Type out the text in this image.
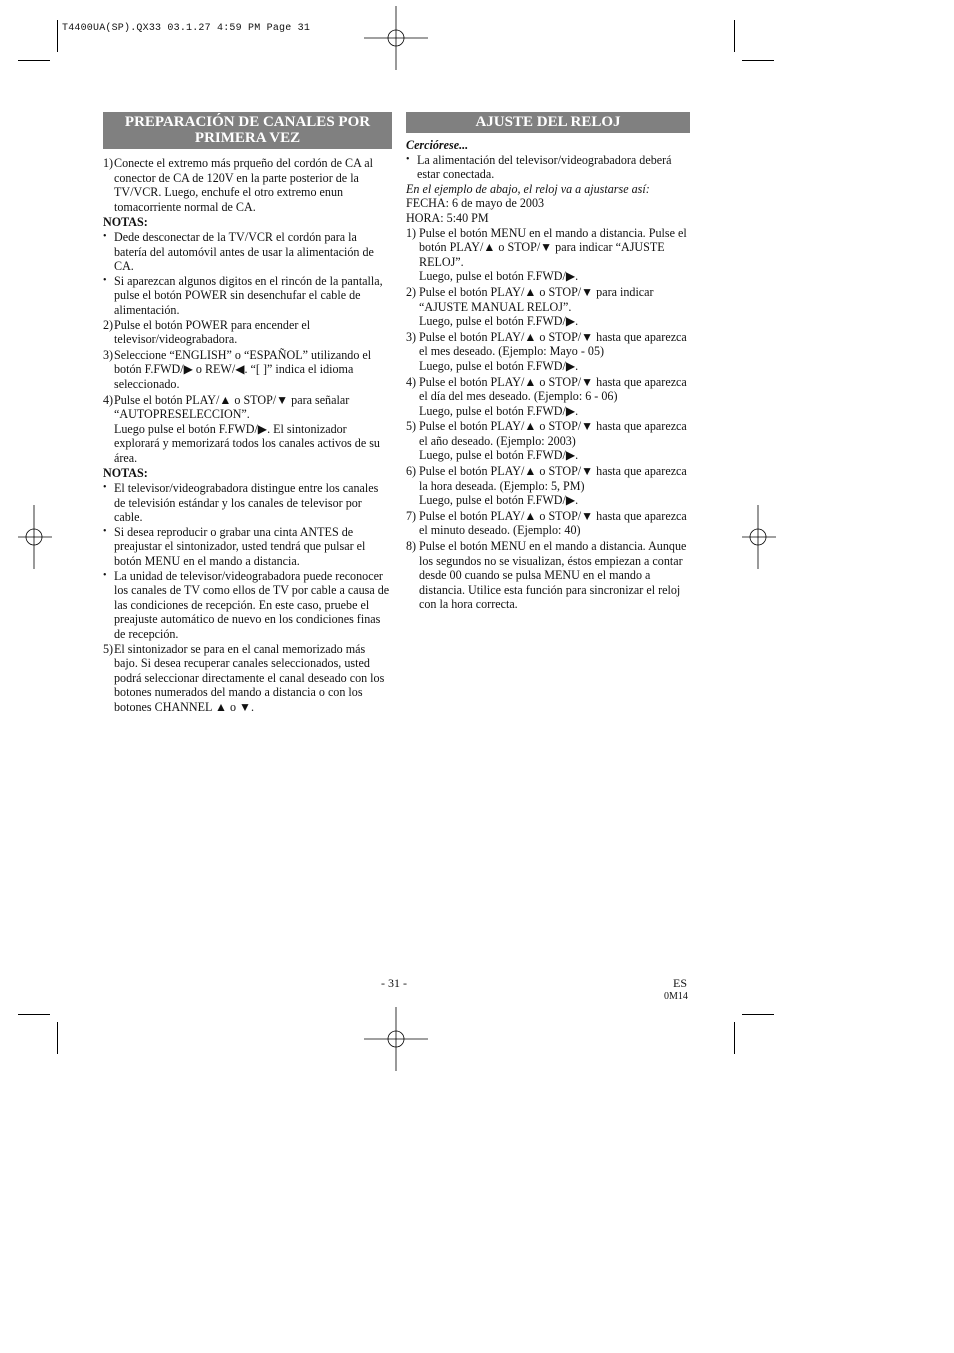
T4400UA(SP).QX33 03.1.27 4:59 PM Page 31
PREPARACIÓN DE CANALES POR
PRIMERA VEZ
1) Conecte el extremo más prqueño del cordón de CA al conector de CA de 120V en la parte posterior de la TV/VCR. Luego, enchufe el otro extremo enun tomacorriente normal de CA.

NOTAS:

• Dede desconectar de la TV/VCR el cordón para la batería del automóvil antes de usar la alimentación de CA.

• Si aparezcan algunos digitos en el rincón de la pantalla, pulse el botón POWER sin desenchufar el cable de alimentación.

2) Pulse el botón POWER para encender el televisor/videograbadora.

3) Seleccione “ENGLISH” o “ESPAÑOL” utilizando el botón F.FWD/▶ o REW/◀. “[ ]” indica el idioma seleccionado.

4) Pulse el botón PLAY/▲ o STOP/▼ para señalar “AUTOPRESELECCION”.

Luego pulse el botón F.FWD/▶. El sintonizador explorará y memorizará todos los canales activos de su área.

NOTAS:

• El televisor/videograbadora distingue entre los canales de televisión estándar y los canales de televisor por cable.

• Si desea reproducir o grabar una cinta ANTES de preajustar el sintonizador, usted tendrá que pulsar el botón MENU en el mando a distancia.

• La unidad de televisor/videograbadora puede reconocer los canales de TV como ellos de TV por cable a causa de las condiciones de recepción. En este caso, pruebe el preajuste automático de nuevo en los condiciones finas de recepción.

5) El sintonizador se para en el canal memorizado más bajo. Si desea recuperar canales seleccionados, usted podrá seleccionar directamente el canal deseado con los botones numerados del mando a distancia o con los botones CHANNEL ▲ o ▼.

AJUSTE DEL RELOJ

Cerciórese...

• La alimentación del televisor/videograbadora deberá estar conectada.

En el ejemplo de abajo, el reloj va a ajustarse así:

FECHA: 6 de mayo de 2003

HORA: 5:40 PM

1) Pulse el botón MENU en el mando a distancia. Pulse el botón PLAY/▲ o STOP/▼ para indicar “AJUSTE RELOJ”.

Luego, pulse el botón F.FWD/▶.

2) Pulse el botón PLAY/▲ o STOP/▼ para indicar “AJUSTE MANUAL RELOJ”.

Luego, pulse el botón F.FWD/▶.

3) Pulse el botón PLAY/▲ o STOP/▼ hasta que aparezca el mes deseado. (Ejemplo: Mayo - 05)

Luego, pulse el botón F.FWD/▶.

4) Pulse el botón PLAY/▲ o STOP/▼ hasta que aparezca el día del mes deseado. (Ejemplo: 6 - 06)

Luego, pulse el botón F.FWD/▶.

5) Pulse el botón PLAY/▲ o STOP/▼ hasta que aparezca el año deseado. (Ejemplo: 2003)

Luego, pulse el botón F.FWD/▶.

6) Pulse el botón PLAY/▲ o STOP/▼ hasta que aparezca la hora deseada. (Ejemplo: 5, PM)

Luego, pulse el botón F.FWD/▶.

7) Pulse el botón PLAY/▲ o STOP/▼ hasta que aparezca el minuto deseado. (Ejemplo: 40)

8) Pulse el botón MENU en el mando a distancia. Aunque los segundos no se visualizan, éstos empiezan a contar desde 00 cuando se pulsa MENU en el mando a distancia. Utilice esta función para sincronizar el reloj con la hora correcta.

- 31 -	ES
0M14
